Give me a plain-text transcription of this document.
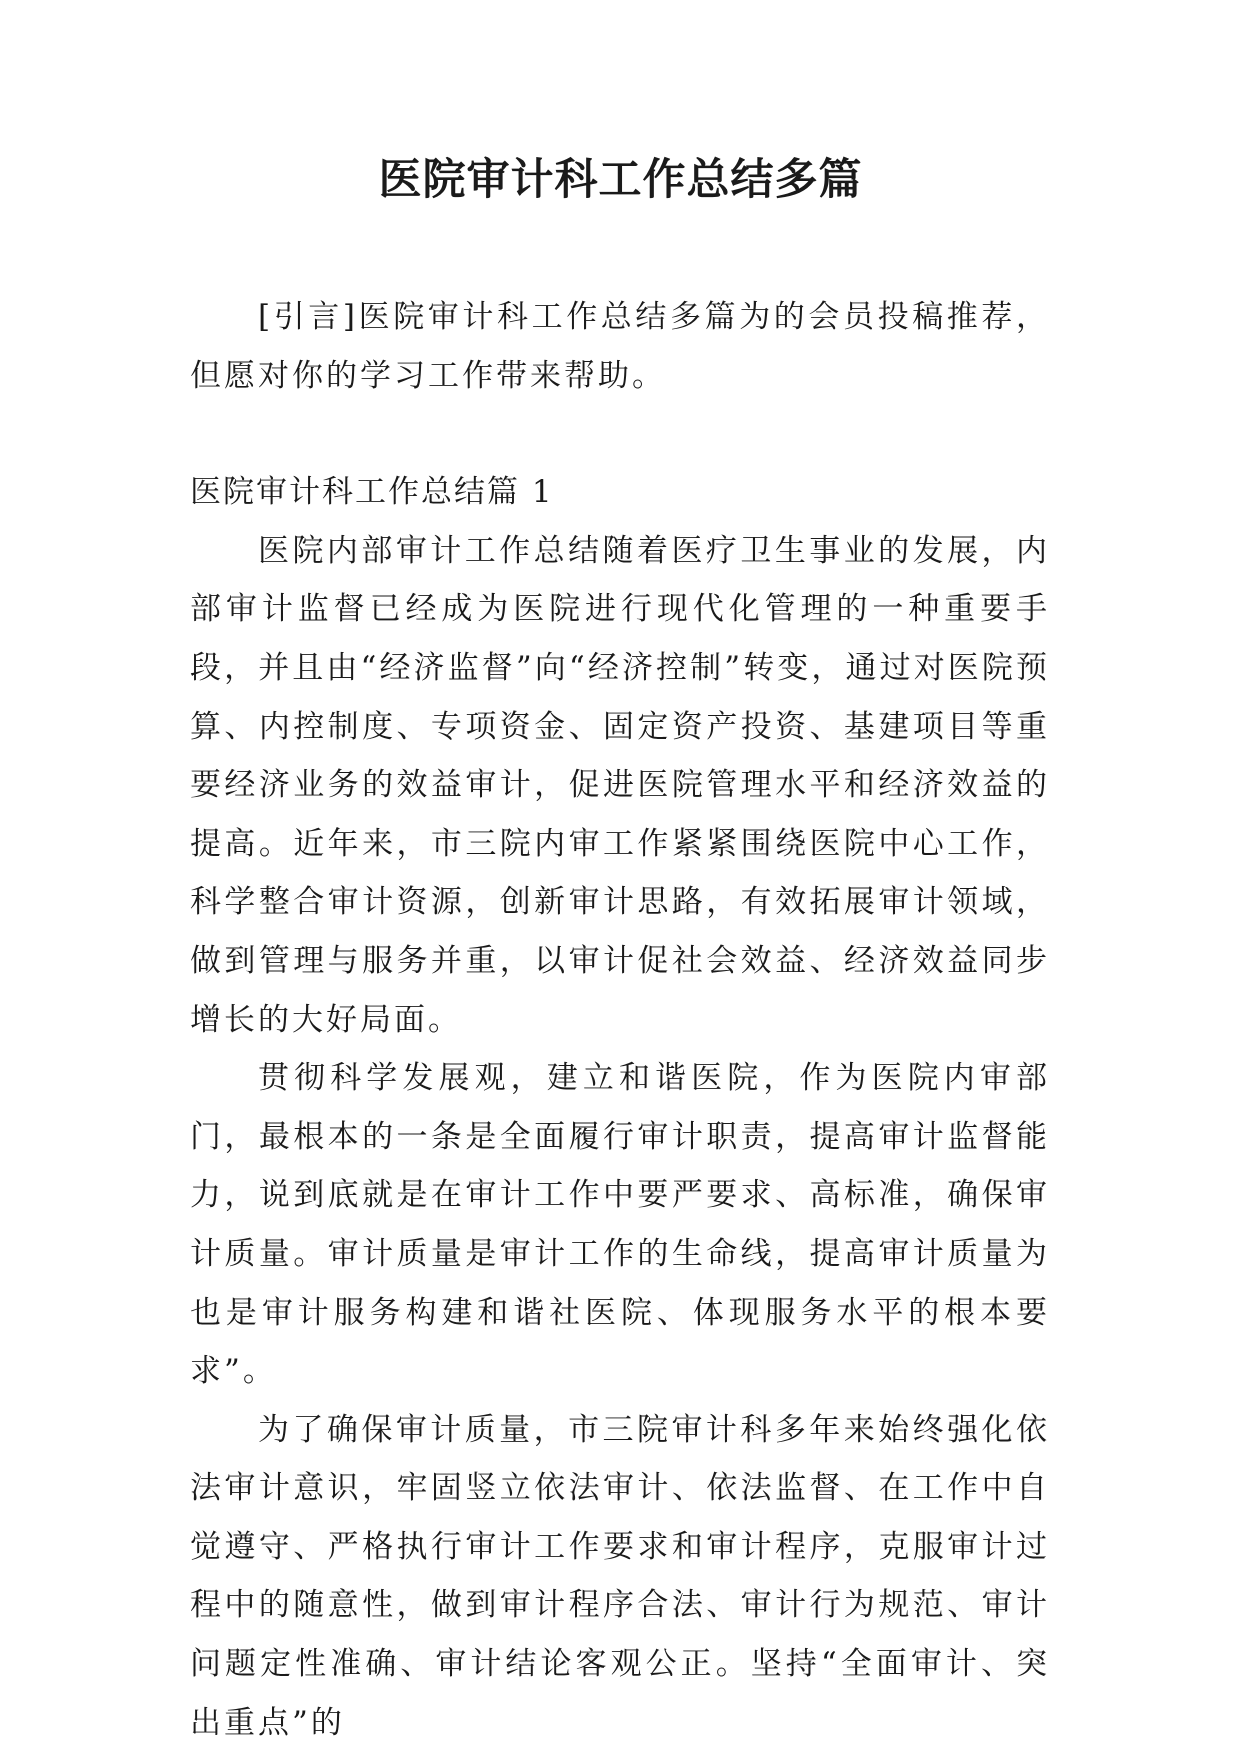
医院审计科工作总结多篇

[引言]医院审计科工作总结多篇为的会员投稿推荐，但愿对你的学习工作带来帮助。

医院审计科工作总结篇 1

医院内部审计工作总结随着医疗卫生事业的发展，内部审计监督已经成为医院进行现代化管理的一种重要手段，并且由“经济监督”向“经济控制”转变，通过对医院预算、内控制度、专项资金、固定资产投资、基建项目等重要经济业务的效益审计，促进医院管理水平和经济效益的提高。近年来，市三院内审工作紧紧围绕医院中心工作，科学整合审计资源，创新审计思路，有效拓展审计领域，做到管理与服务并重，以审计促社会效益、经济效益同步增长的大好局面。

贯彻科学发展观，建立和谐医院，作为医院内审部门，最根本的一条是全面履行审计职责，提高审计监督能力，说到底就是在审计工作中要严要求、高标准，确保审计质量。审计质量是审计工作的生命线，提高审计质量为也是审计服务构建和谐社医院、体现服务水平的根本要求”。

为了确保审计质量，市三院审计科多年来始终强化依法审计意识，牢固竖立依法审计、依法监督、在工作中自觉遵守、严格执行审计工作要求和审计程序，克服审计过程中的随意性，做到审计程序合法、审计行为规范、审计问题定性准确、审计结论客观公正。坚持“全面审计、突出重点”的
